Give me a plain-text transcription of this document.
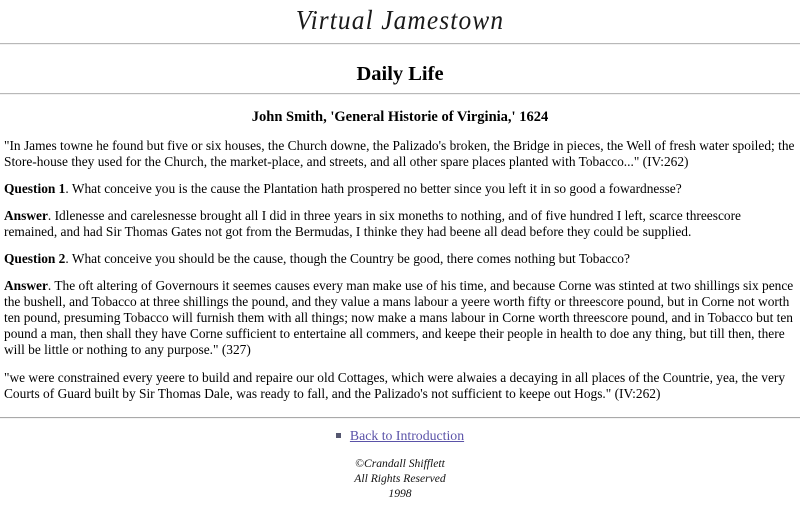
Virtual Jamestown
Daily Life
John Smith, 'General Historie of Virginia,' 1624

"In James towne he found but five or six houses, the Church downe, the Palizado's broken, the Bridge in pieces, the Well of fresh water spoiled; the Store-house they used for the Church, the market-place, and streets, and all other spare places planted with Tobacco..." (IV:262)

Question 1. What conceive you is the cause the Plantation hath prospered no better since you left it in so good a fowardnesse?

Answer. Idlenesse and carelesnesse brought all I did in three years in six moneths to nothing, and of five hundred I left, scarce threescore remained, and had Sir Thomas Gates not got from the Bermudas, I thinke they had beene all dead before they could be supplied.

Question 2. What conceive you should be the cause, though the Country be good, there comes nothing but Tobacco?

Answer. The oft altering of Governours it seemes causes every man make use of his time, and because Corne was stinted at two shillings six pence the bushell, and Tobacco at three shillings the pound, and they value a mans labour a yeere worth fifty or threescore pound, but in Corne not worth ten pound, presuming Tobacco will furnish them with all things; now make a mans labour in Corne worth threescore pound, and in Tobacco but ten pound a man, then shall they have Corne sufficient to entertaine all commers, and keepe their people in health to doe any thing, but till then, there will be little or nothing to any purpose." (327)

"we were constrained every yeere to build and repaire our old Cottages, which were alwaies a decaying in all places of the Countrie, yea, the very Courts of Guard built by Sir Thomas Dale, was ready to fall, and the Palizado's not sufficient to keepe out Hogs." (IV:262)

Back to Introduction
©Crandall Shifflett
All Rights Reserved
1998
